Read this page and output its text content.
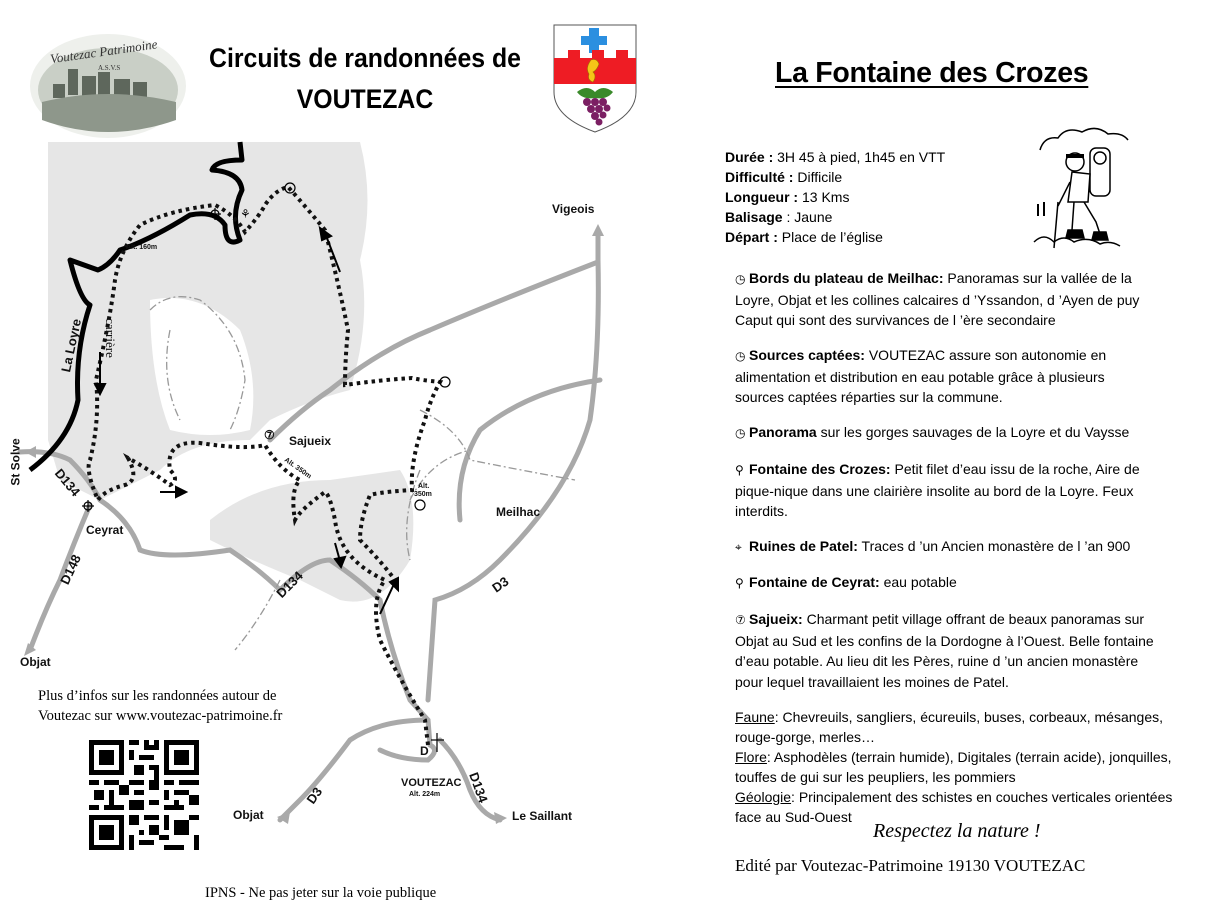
Voutezac Patrimoine
A.S.V.S	Circuits de randonnées de
VOUTEZAC
⚘	Vigeois
⑦ Sajueix
Meilhac
Ceyrat
St Solve
Objat
Objat	Le Saillant
VOUTEZAC
D
Alt. 160m
Alt. 350m
Alt.
350m
Alt. 224m
D134
D148	D134	D3
D3	D134
La Loyre carrière
Plus d’infos sur les randonnées autour de
Voutezac sur www.voutezac-patrimoine.fr
IPNS - Ne pas jeter sur la voie publique
La Fontaine des Crozes
Durée : 3H 45 à pied, 1h45 en VTT
Difficulté : Difficile
Longueur : 13 Kms
Balisage : Jaune
Départ : Place de l’église
◷ Bords du plateau de Meilhac: Panoramas sur la vallée de la Loyre, Objat et les collines calcaires d ’Yssandon, d ’Ayen de puy Caput qui sont des survivances de l ’ère secondaire
◷ Sources captées: VOUTEZAC assure son autonomie en alimentation et distribution en eau potable grâce à plusieurs sources captées réparties sur la commune.
◷ Panorama sur les gorges sauvages de la Loyre et du Vaysse
⚲ Fontaine des Crozes: Petit filet d’eau issu de la roche, Aire de pique-nique dans une clairière insolite au bord de la Loyre. Feux interdits.
⌖ Ruines de Patel: Traces d ’un Ancien monastère de l ’an 900
⚲ Fontaine de Ceyrat: eau potable
⑦ Sajueix: Charmant petit village offrant de beaux panoramas sur Objat au Sud et les confins de la Dordogne à l’Ouest. Belle fontaine d’eau potable. Au lieu dit les Pères, ruine d ’un ancien monastère pour lequel travaillaient les moines de Patel.
Faune: Chevreuils, sangliers, écureuils, buses, corbeaux, mésanges, rouge-gorge, merles…
Flore: Asphodèles (terrain humide), Digitales (terrain acide), jonquilles, touffes de gui sur les peupliers, les pommiers
Géologie: Principalement des schistes en couches verticales orientées face au Sud-Ouest
Respectez la nature !
Edité par Voutezac-Patrimoine 19130 VOUTEZAC
